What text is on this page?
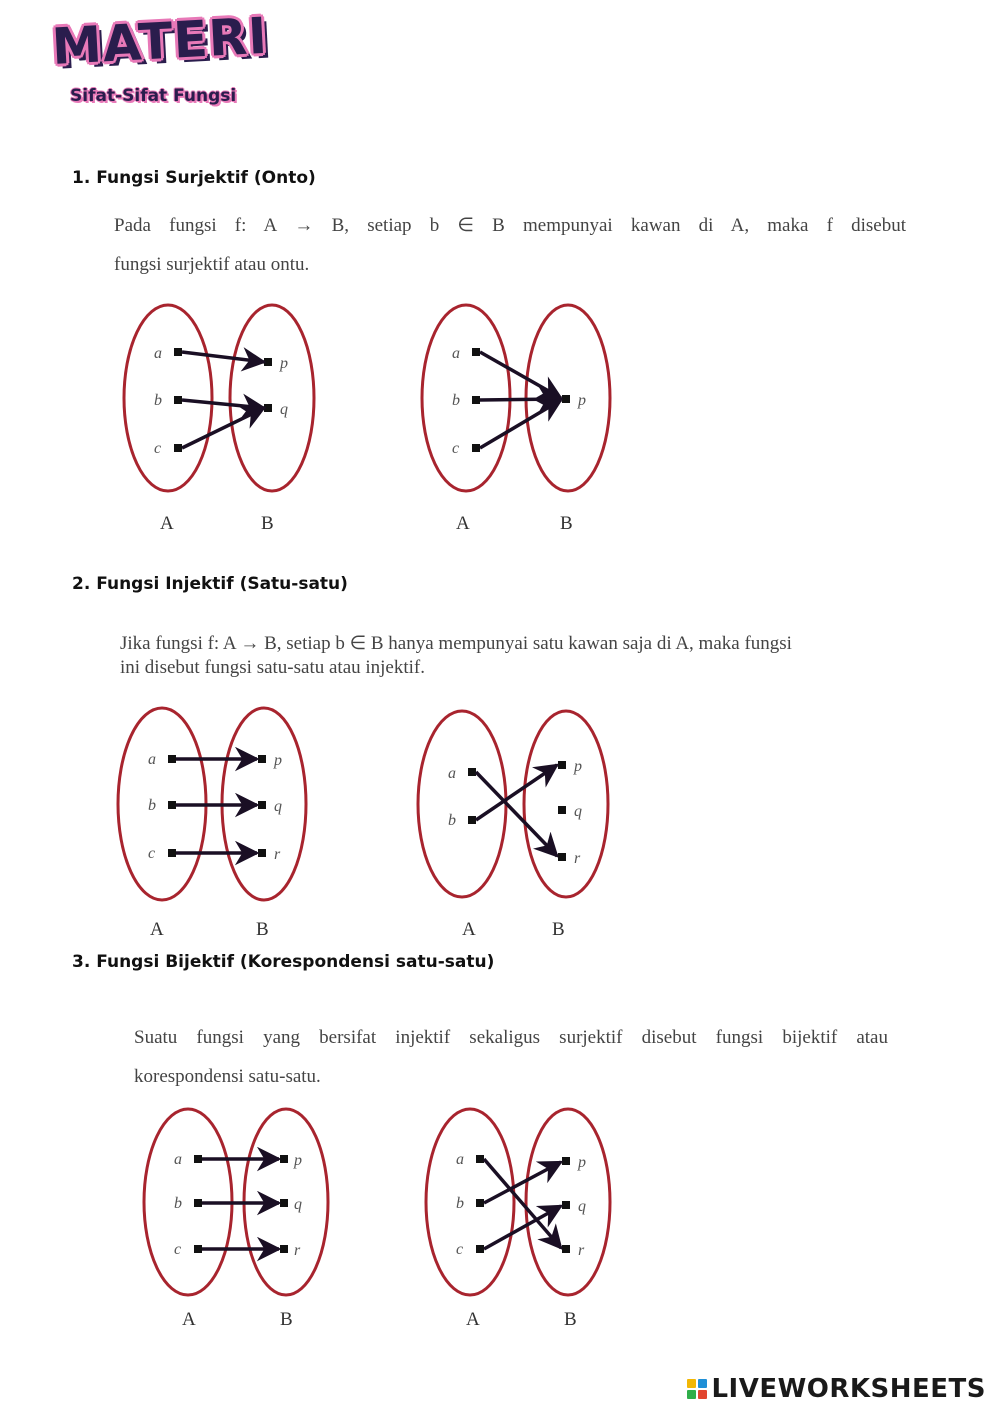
MATERI
Sifat-Sifat Fungsi
1. Fungsi Surjektif (Onto)
Pada fungsi f: A → B, setiap b ∈ B mempunyai kawan di A, maka f disebut
fungsi surjektif atau ontu.
a
b
c
p
q
A	B
a
b
c
p
A	B
a
b
c
p
q
r
A	B
a
b
p
q
r
A	B
a
b
c
p
q
r
A	B
a
b
c
p
q
r
A	B
2. Fungsi Injektif (Satu-satu)
Jika fungsi f: A → B, setiap b ∈ B hanya mempunyai satu kawan saja di A, maka fungsi
ini disebut fungsi satu-satu atau injektif.
3. Fungsi Bijektif (Korespondensi satu-satu)
Suatu fungsi yang bersifat injektif sekaligus surjektif disebut fungsi bijektif atau
korespondensi satu-satu.
LIVEWORKSHEETS
